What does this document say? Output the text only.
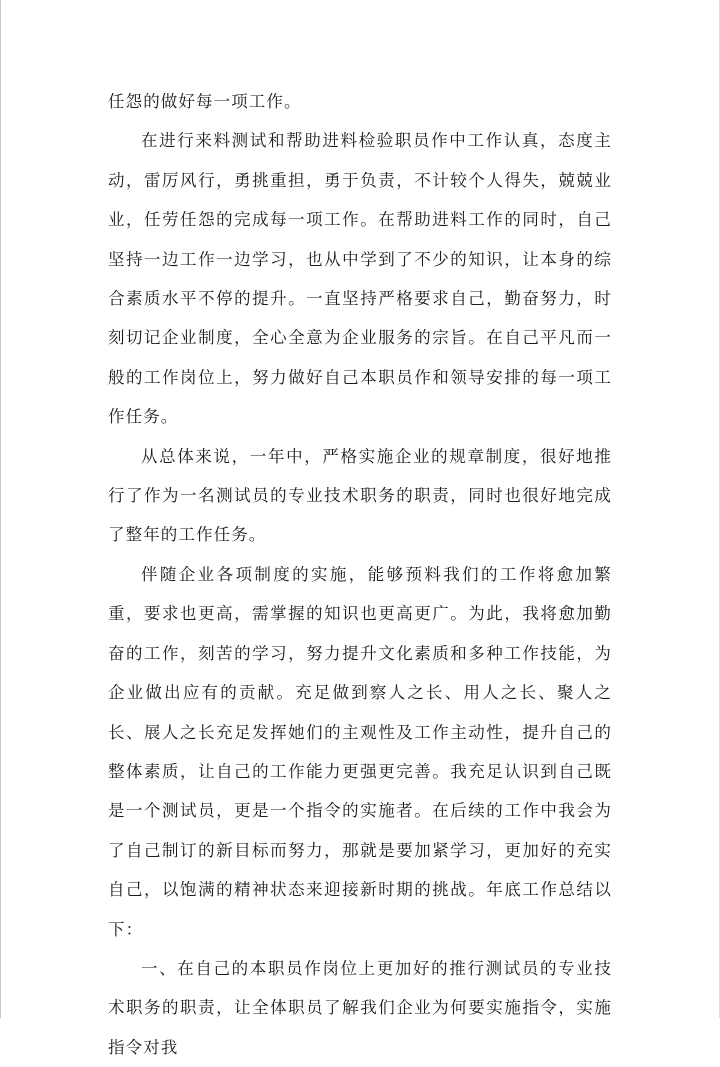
任怨的做好每一项工作。

在进行来料测试和帮助进料检验职员作中工作认真，态度主动，雷厉风行，勇挑重担，勇于负责，不计较个人得失，兢兢业业，任劳任怨的完成每一项工作。在帮助进料工作的同时，自己坚持一边工作一边学习，也从中学到了不少的知识，让本身的综合素质水平不停的提升。一直坚持严格要求自己，勤奋努力，时刻切记企业制度，全心全意为企业服务的宗旨。在自己平凡而一般的工作岗位上，努力做好自己本职员作和领导安排的每一项工作任务。

从总体来说，一年中，严格实施企业的规章制度，很好地推行了作为一名测试员的专业技术职务的职责，同时也很好地完成了整年的工作任务。

伴随企业各项制度的实施，能够预料我们的工作将愈加繁重，要求也更高，需掌握的知识也更高更广。为此，我将愈加勤奋的工作，刻苦的学习，努力提升文化素质和多种工作技能，为企业做出应有的贡献。充足做到察人之长、用人之长、聚人之长、展人之长充足发挥她们的主观性及工作主动性，提升自己的整体素质，让自己的工作能力更强更完善。我充足认识到自己既是一个测试员，更是一个指令的实施者。在后续的工作中我会为了自己制订的新目标而努力，那就是要加紧学习，更加好的充实自己，以饱满的精神状态来迎接新时期的挑战。年底工作总结以下：

一、在自己的本职员作岗位上更加好的推行测试员的专业技术职务的职责，让全体职员了解我们企业为何要实施指令，实施指令对我
